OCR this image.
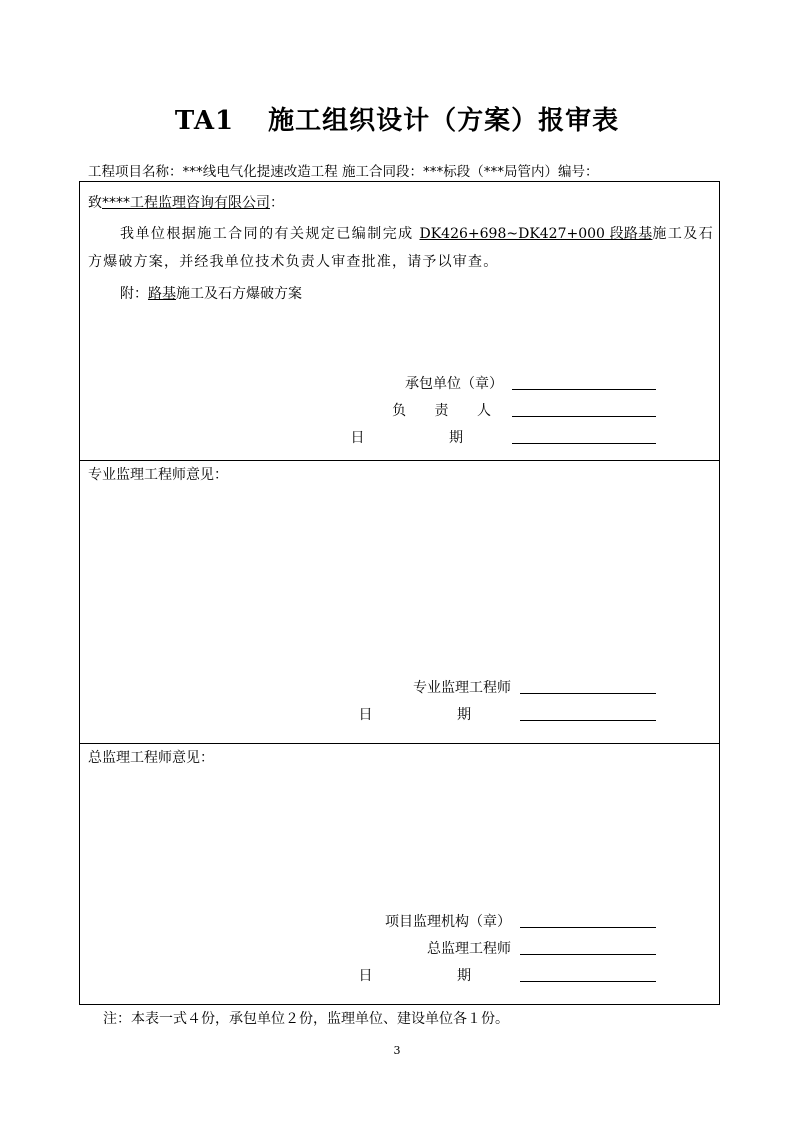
TA1 施工组织设计（方案）报审表
工程项目名称：***线电气化提速改造工程 施工合同段：***标段（***局管内）编号：
致****工程监理咨询有限公司：
我单位根据施工合同的有关规定已编制完成 DK426+698~DK427+000 段路基施工及石方爆破方案，并经我单位技术负责人审查批准，请予以审查。
附：路基施工及石方爆破方案
承包单位（章）
负 责 人
日 期
专业监理工程师意见：
专业监理工程师
日 期
总监理工程师意见：
项目监理机构（章）
总监理工程师
日 期
注：本表一式４份，承包单位２份，监理单位、建设单位各１份。
3
